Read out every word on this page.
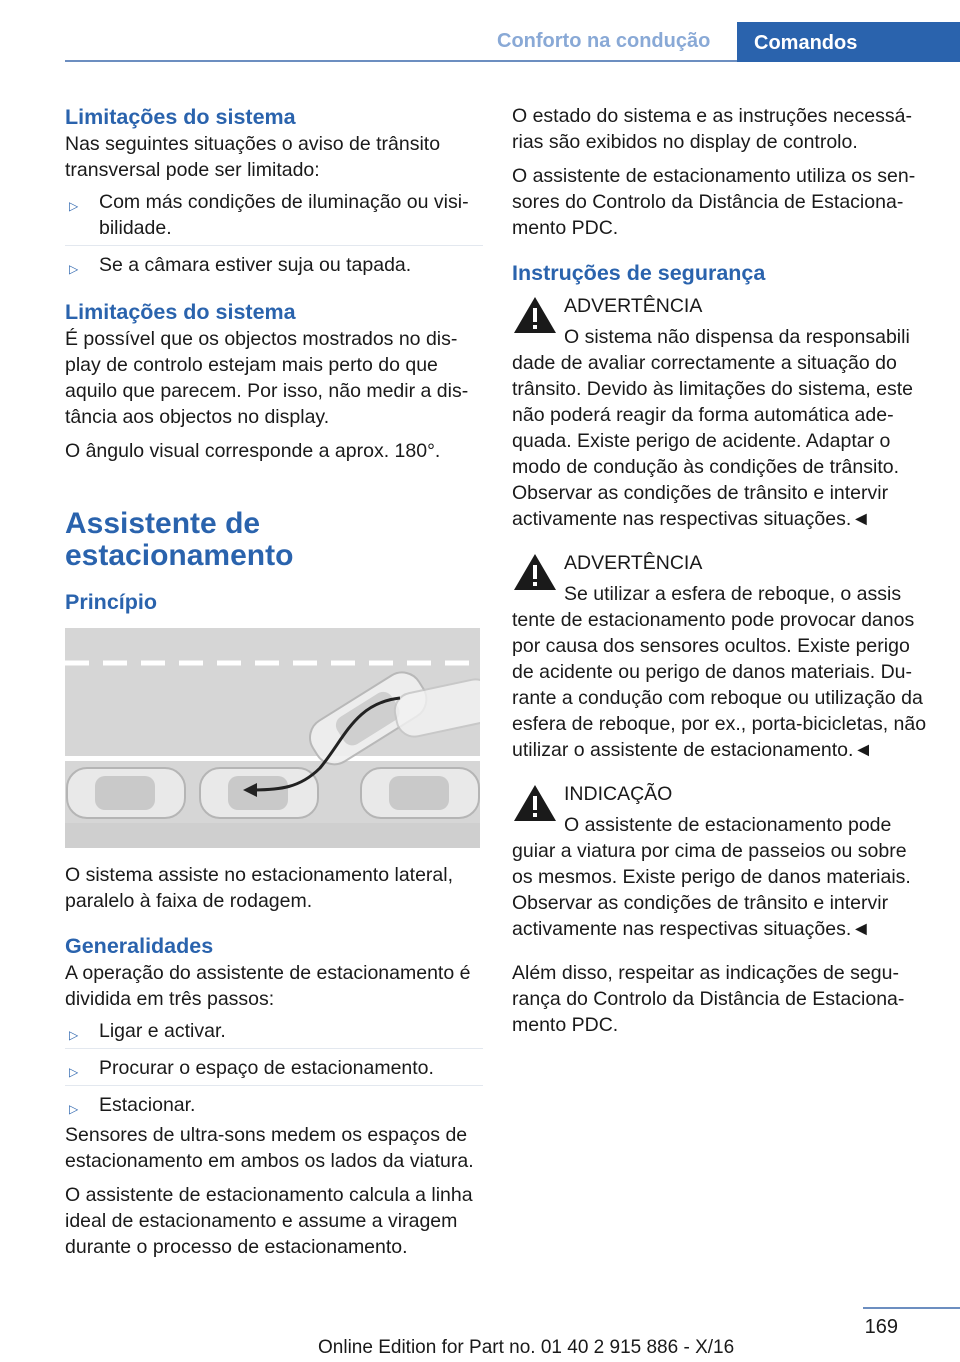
Conforto na condução	Comandos
Limitações do sistema

Nas seguintes situações o aviso de trânsito transversal pode ser limitado:

▷ Com más condições de iluminação ou visibilidade.
▷ Se a câmara estiver suja ou tapada.
Limitações do sistema

É possível que os objectos mostrados no display de controlo estejam mais perto do que aquilo que parecem. Por isso, não medir a distância aos objectos no display.

O ângulo visual corresponde a aprox. 180°.

Assistente de estacionamento
Princípio

O sistema assiste no estacionamento lateral, paralelo à faixa de rodagem.

Generalidades

A operação do assistente de estacionamento é dividida em três passos:

▷ Ligar e activar.
▷ Procurar o espaço de estacionamento.
▷ Estacionar.

Sensores de ultra-sons medem os espaços de estacionamento em ambos os lados da viatura.

O assistente de estacionamento calcula a linha ideal de estacionamento e assume a viragem durante o processo de estacionamento.

O estado do sistema e as instruções necessárias são exibidos no display de controlo.

O assistente de estacionamento utiliza os sensores do Controlo da Distância de Estacionamento PDC.

Instruções de segurança
ADVERTÊNCIA

O sistema não dispensa da responsabili

dade de avaliar correctamente a situação do trânsito. Devido às limitações do sistema, este não poderá reagir da forma automática adequada. Existe perigo de acidente. Adaptar o modo de condução às condições de trânsito. Observar as condições de trânsito e intervir activamente nas respectivas situações.◄

ADVERTÊNCIA

Se utilizar a esfera de reboque, o assis

tente de estacionamento pode provocar danos por causa dos sensores ocultos. Existe perigo de acidente ou perigo de danos materiais. Durante a condução com reboque ou utilização da esfera de reboque, por ex., porta-bicicletas, não utilizar o assistente de estacionamento.◄

INDICAÇÃO

O assistente de estacionamento pode

guiar a viatura por cima de passeios ou sobre os mesmos. Existe perigo de danos materiais. Observar as condições de trânsito e intervir activamente nas respectivas situações.◄

Além disso, respeitar as indicações de segurança do Controlo da Distância de Estacionamento PDC.

169
Online Edition for Part no. 01 40 2 915 886 - X/16
